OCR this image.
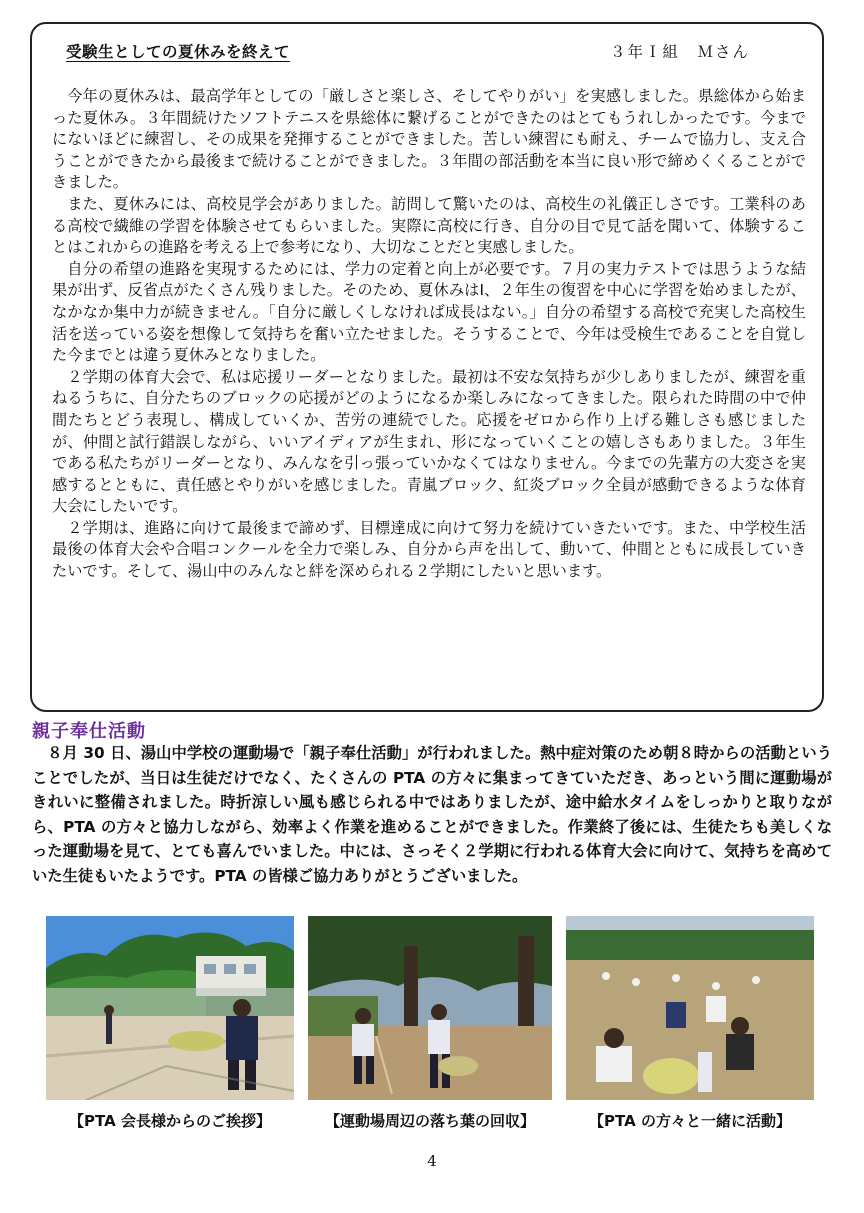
受験生としての夏休みを終えて	３年Ｉ組　Ｍさん

今年の夏休みは、最高学年としての「厳しさと楽しさ、そしてやりがい」を実感しました。県総体から始まった夏休み。３年間続けたソフトテニスを県総体に繋げることができたのはとてもうれしかったです。今までにないほどに練習し、その成果を発揮することができました。苦しい練習にも耐え、チームで協力し、支え合うことができたから最後まで続けることができました。３年間の部活動を本当に良い形で締めくくることができました。

また、夏休みには、高校見学会がありました。訪問して驚いたのは、高校生の礼儀正しさです。工業科のある高校で繊維の学習を体験させてもらいました。実際に高校に行き、自分の目で見て話を聞いて、体験することはこれからの進路を考える上で参考になり、大切なことだと実感しました。

自分の希望の進路を実現するためには、学力の定着と向上が必要です。７月の実力テストでは思うような結果が出ず、反省点がたくさん残りました。そのため、夏休みはⅠ、２年生の復習を中心に学習を始めましたが、なかなか集中力が続きません。「自分に厳しくしなければ成長はない。」自分の希望する高校で充実した高校生活を送っている姿を想像して気持ちを奮い立たせました。そうすることで、今年は受検生であることを自覚した今までとは違う夏休みとなりました。

２学期の体育大会で、私は応援リーダーとなりました。最初は不安な気持ちが少しありましたが、練習を重ねるうちに、自分たちのブロックの応援がどのようになるか楽しみになってきました。限られた時間の中で仲間たちとどう表現し、構成していくか、苦労の連続でした。応援をゼロから作り上げる難しさも感じましたが、仲間と試行錯誤しながら、いいアイディアが生まれ、形になっていくことの嬉しさもありました。３年生である私たちがリーダーとなり、みんなを引っ張っていかなくてはなりません。今までの先輩方の大変さを実感するとともに、責任感とやりがいを感じました。青嵐ブロック、紅炎ブロック全員が感動できるような体育大会にしたいです。

２学期は、進路に向けて最後まで諦めず、目標達成に向けて努力を続けていきたいです。また、中学校生活最後の体育大会や合唱コンクールを全力で楽しみ、自分から声を出して、動いて、仲間とともに成長していきたいです。そして、湯山中のみんなと絆を深められる２学期にしたいと思います。

親子奉仕活動

８月 30 日、湯山中学校の運動場で「親子奉仕活動」が行われました。熱中症対策のため朝８時からの活動ということでしたが、当日は生徒だけでなく、たくさんの PTA の方々に集まってきていただき、あっという間に運動場がきれいに整備されました。時折涼しい風も感じられる中ではありましたが、途中給水タイムをしっかりと取りながら、PTA の方々と協力しながら、効率よく作業を進めることができました。作業終了後には、生徒たちも美しくなった運動場を見て、とても喜んでいました。中には、さっそく２学期に行われる体育大会に向けて、気持ちを高めていた生徒もいたようです。PTA の皆様ご協力ありがとうございました。

【PTA 会長様からのご挨拶】	【運動場周辺の落ち葉の回収】	【PTA の方々と一緒に活動】
4
